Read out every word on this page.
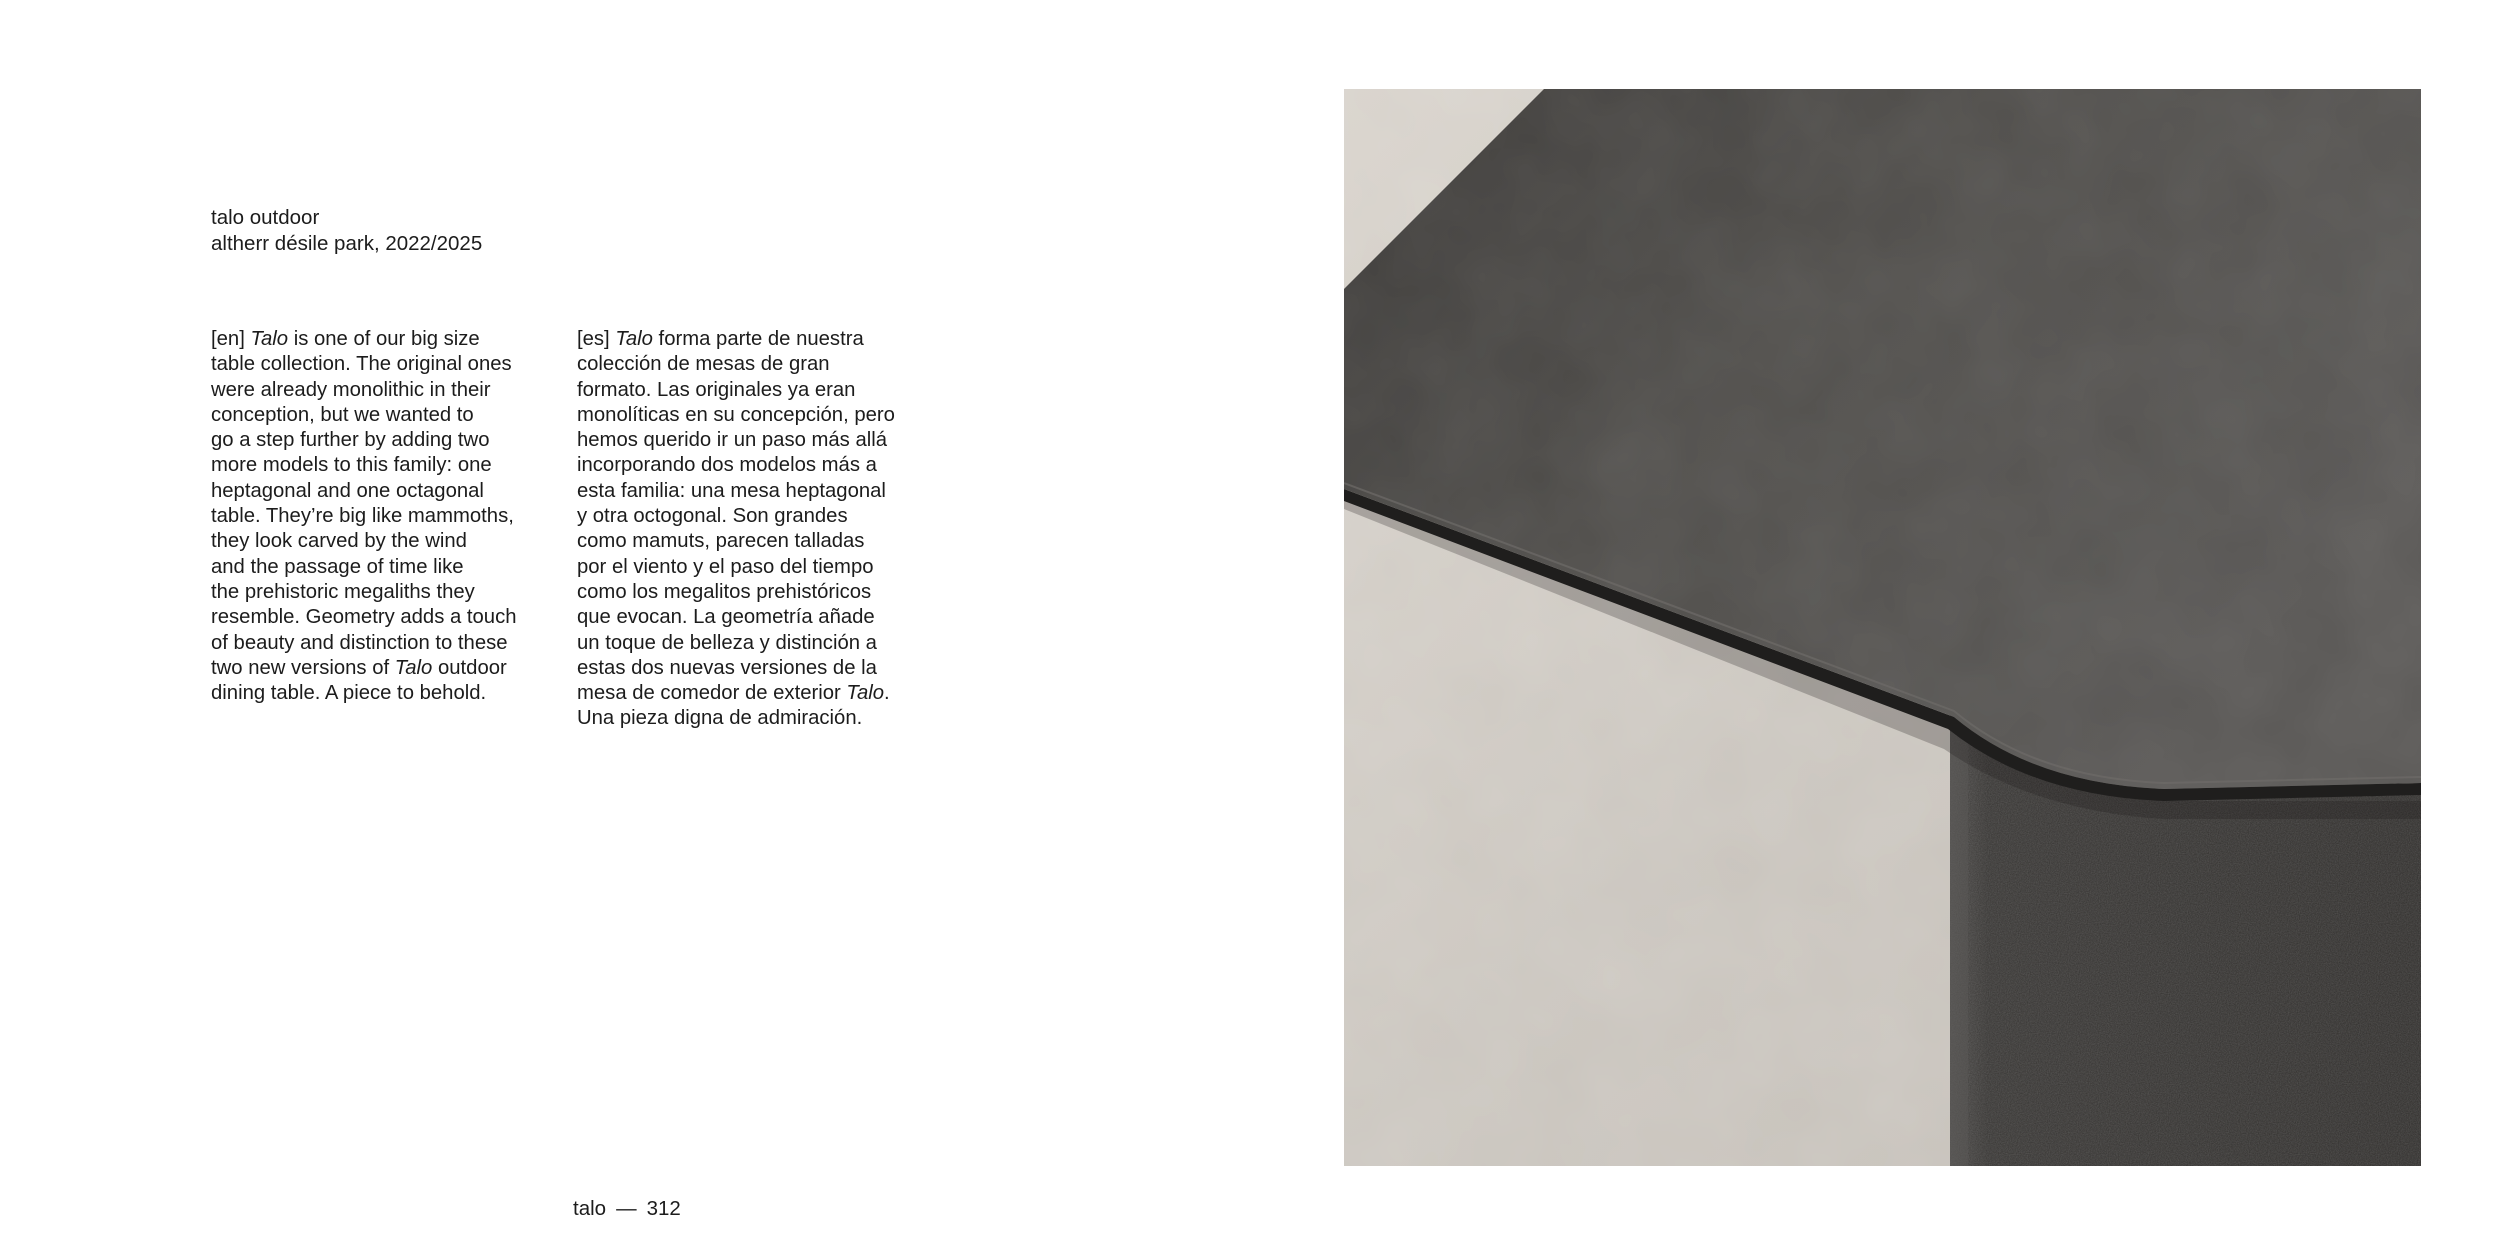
talo outdoor
altherr désile park, 2022/2025
[en] Talo is one of our big size
table collection. The original ones
were already monolithic in their
conception, but we wanted to
go a step further by adding two
more models to this family: one
heptagonal and one octagonal
table. They’re big like mammoths,
they look carved by the wind
and the passage of time like
the prehistoric megaliths they
resemble. Geometry adds a touch
of beauty and distinction to these
two new versions of Talo outdoor
dining table. A piece to behold.
[es] Talo forma parte de nuestra
colección de mesas de gran
formato. Las originales ya eran
monolíticas en su concepción, pero
hemos querido ir un paso más allá
incorporando dos modelos más a
esta familia: una mesa heptagonal
y otra octogonal. Son grandes
como mamuts, parecen talladas
por el viento y el paso del tiempo
como los megalitos prehistóricos
que evocan. La geometría añade
un toque de belleza y distinción a
estas dos nuevas versiones de la
mesa de comedor de exterior Talo.
Una pieza digna de admiración.
talo — 312
